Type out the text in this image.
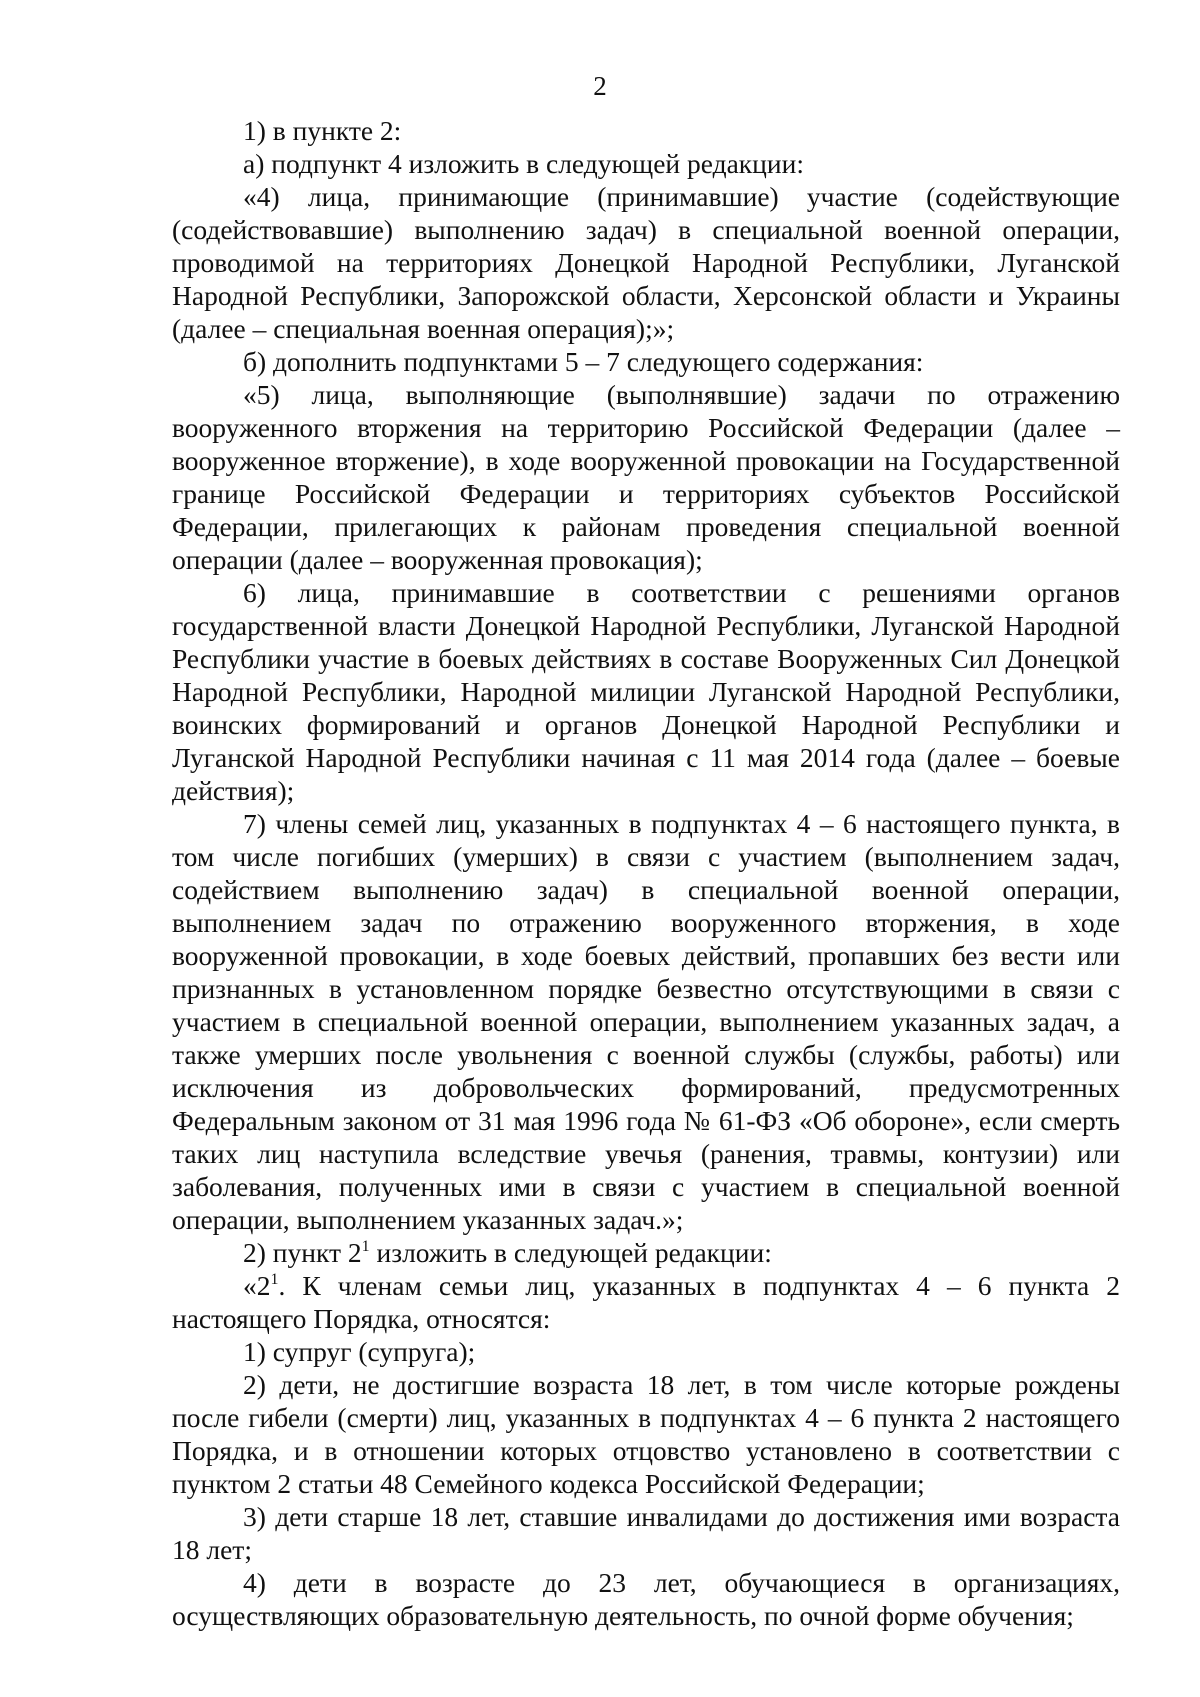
2

1) в пункте 2:

а) подпункт 4 изложить в следующей редакции:

«4) лица, принимающие (принимавшие) участие (содействующие (содействовавшие) выполнению задач) в специальной военной операции, проводимой на территориях Донецкой Народной Республики, Луганской Народной Республики, Запорожской области, Херсонской области и Украины (далее – специальная военная операция);»;

б) дополнить подпунктами 5 – 7 следующего содержания:

«5) лица, выполняющие (выполнявшие) задачи по отражению вооруженного вторжения на территорию Российской Федерации (далее – вооруженное вторжение), в ходе вооруженной провокации на Государственной границе Российской Федерации и территориях субъектов Российской Федерации, прилегающих к районам проведения специальной военной операции (далее – вооруженная провокация);

6) лица, принимавшие в соответствии с решениями органов государственной власти Донецкой Народной Республики, Луганской Народной Республики участие в боевых действиях в составе Вооруженных Сил Донецкой Народной Республики, Народной милиции Луганской Народной Республики, воинских формирований и органов Донецкой Народной Республики и Луганской Народной Республики начиная с 11 мая 2014 года (далее – боевые действия);

7) члены семей лиц, указанных в подпунктах 4 – 6 настоящего пункта, в том числе погибших (умерших) в связи с участием (выполнением задач, содействием выполнению задач) в специальной военной операции, выполнением задач по отражению вооруженного вторжения, в ходе вооруженной провокации, в ходе боевых действий, пропавших без вести или признанных в установленном порядке безвестно отсутствующими в связи с участием в специальной военной операции, выполнением указанных задач, а также умерших после увольнения с военной службы (службы, работы) или исключения из добровольческих формирований, предусмотренных Федеральным законом от 31 мая 1996 года № 61-ФЗ «Об обороне», если смерть таких лиц наступила вследствие увечья (ранения, травмы, контузии) или заболевания, полученных ими в связи с участием в специальной военной операции, выполнением указанных задач.»;

2) пункт $2^1$ изложить в следующей редакции:

«$2^1$. К членам семьи лиц, указанных в подпунктах 4 – 6 пункта 2 настоящего Порядка, относятся:

1) супруг (супруга);

2) дети, не достигшие возраста 18 лет, в том числе которые рождены после гибели (смерти) лиц, указанных в подпунктах 4 – 6 пункта 2 настоящего Порядка, и в отношении которых отцовство установлено в соответствии с пунктом 2 статьи 48 Семейного кодекса Российской Федерации;

3) дети старше 18 лет, ставшие инвалидами до достижения ими возраста 18 лет;

4) дети в возрасте до 23 лет, обучающиеся в организациях, осуществляющих образовательную деятельность, по очной форме обучения;
